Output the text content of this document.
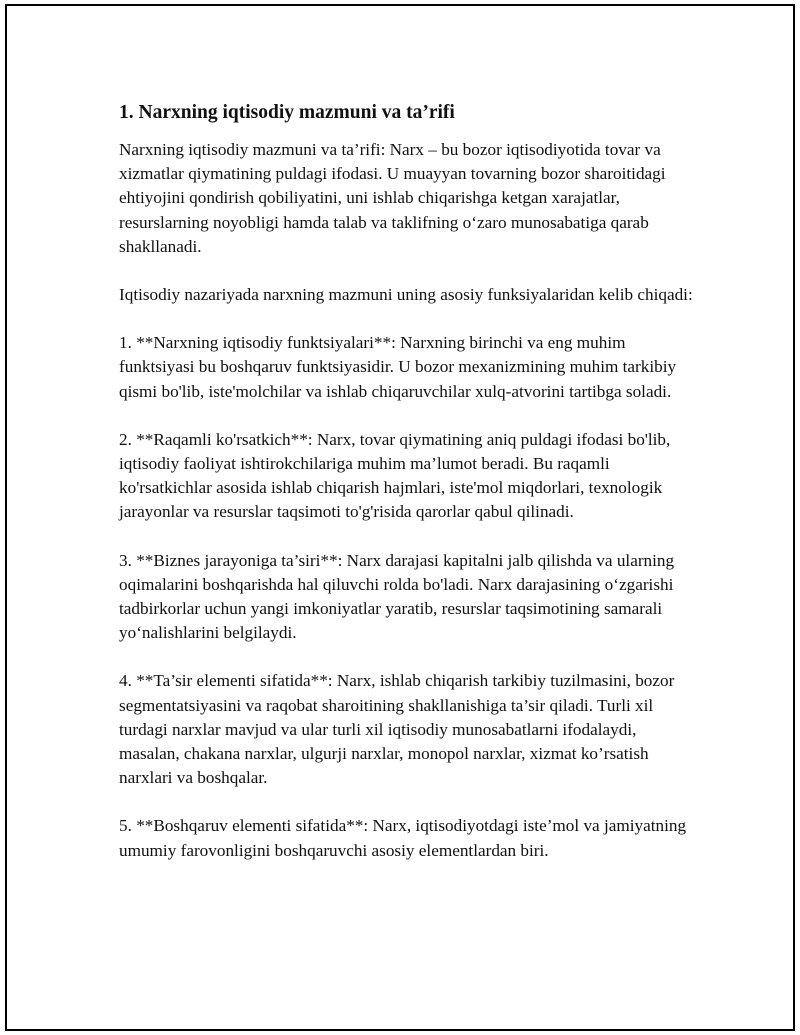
1. Narxning iqtisodiy mazmuni va ta’rifi

Narxning iqtisodiy mazmuni va ta’rifi: Narx – bu bozor iqtisodiyotida tovar va xizmatlar qiymatining puldagi ifodasi. U muayyan tovarning bozor sharoitidagi ehtiyojini qondirish qobiliyatini, uni ishlab chiqarishga ketgan xarajatlar, resurslarning noyobligi hamda talab va taklifning o‘zaro munosabatiga qarab shakllanadi.

Iqtisodiy nazariyada narxning mazmuni uning asosiy funksiyalaridan kelib chiqadi:

1. **Narxning iqtisodiy funktsiyalari**: Narxning birinchi va eng muhim funktsiyasi bu boshqaruv funktsiyasidir. U bozor mexanizmining muhim tarkibiy qismi bo'lib, iste'molchilar va ishlab chiqaruvchilar xulq-atvorini tartibga soladi.

2. **Raqamli ko'rsatkich**: Narx, tovar qiymatining aniq puldagi ifodasi bo'lib, iqtisodiy faoliyat ishtirokchilariga muhim ma’lumot beradi. Bu raqamli ko'rsatkichlar asosida ishlab chiqarish hajmlari, iste'mol miqdorlari, texnologik jarayonlar va resurslar taqsimoti to'g'risida qarorlar qabul qilinadi.

3. **Biznes jarayoniga ta’siri**: Narx darajasi kapitalni jalb qilishda va ularning oqimalarini boshqarishda hal qiluvchi rolda bo'ladi. Narx darajasining o‘zgarishi tadbirkorlar uchun yangi imkoniyatlar yaratib, resurslar taqsimotining samarali yo‘nalishlarini belgilaydi.

4. **Ta’sir elementi sifatida**: Narx, ishlab chiqarish tarkibiy tuzilmasini, bozor segmentatsiyasini va raqobat sharoitining shakllanishiga ta’sir qiladi. Turli xil turdagi narxlar mavjud va ular turli xil iqtisodiy munosabatlarni ifodalaydi, masalan, chakana narxlar, ulgurji narxlar, monopol narxlar, xizmat ko’rsatish narxlari va boshqalar.

5. **Boshqaruv elementi sifatida**: Narx, iqtisodiyotdagi iste’mol va jamiyatning umumiy farovonligini boshqaruvchi asosiy elementlardan biri.
